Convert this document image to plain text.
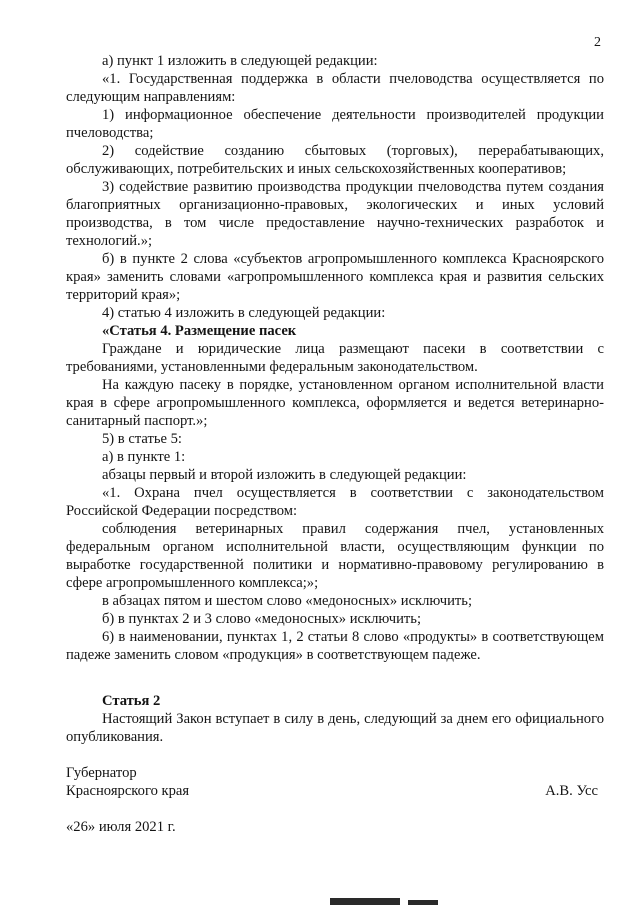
2

а) пункт 1 изложить в следующей редакции:

«1. Государственная поддержка в области пчеловодства осуществляется по следующим направлениям:

1) информационное обеспечение деятельности производителей продукции пчеловодства;

2) содействие созданию сбытовых (торговых), перерабатывающих, обслуживающих, потребительских и иных сельскохозяйственных кооперативов;

3) содействие развитию производства продукции пчеловодства путем создания благоприятных организационно-правовых, экологических и иных условий производства, в том числе предоставление научно-технических разработок и технологий.»;

б) в пункте 2 слова «субъектов агропромышленного комплекса Красноярского края» заменить словами «агропромышленного комплекса края и развития сельских территорий края»;

4) статью 4 изложить в следующей редакции:

«Статья 4. Размещение пасек

Граждане и юридические лица размещают пасеки в соответствии с требованиями, установленными федеральным законодательством.

На каждую пасеку в порядке, установленном органом исполнительной власти края в сфере агропромышленного комплекса, оформляется и ведется ветеринарно-санитарный паспорт.»;

5) в статье 5:

а) в пункте 1:

абзацы первый и второй изложить в следующей редакции:

«1. Охрана пчел осуществляется в соответствии с законодательством Российской Федерации посредством:

соблюдения ветеринарных правил содержания пчел, установленных федеральным органом исполнительной власти, осуществляющим функции по выработке государственной политики и нормативно-правовому регулированию в сфере агропромышленного комплекса;»;

в абзацах пятом и шестом слово «медоносных» исключить;

б) в пунктах 2 и 3 слово «медоносных» исключить;

6) в наименовании, пунктах 1, 2 статьи 8 слово «продукты» в соответствующем падеже заменить словом «продукция» в соответствующем падеже.

Статья 2

Настоящий Закон вступает в силу в день, следующий за днем его официального опубликования.

Губернатор
Красноярского края	А.В. Усс
«26» июля 2021 г.
